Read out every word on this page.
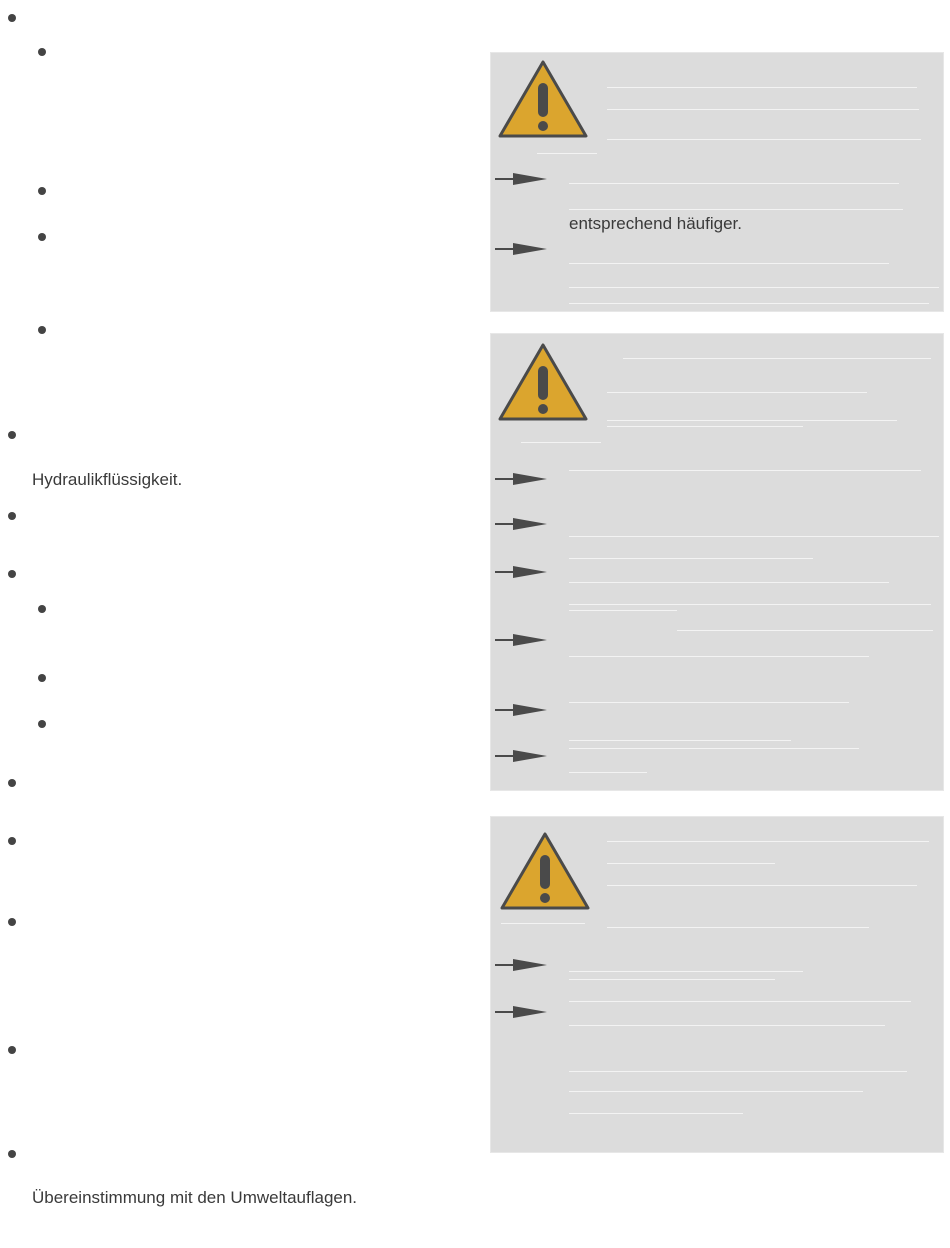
Hydraulikflüssigkeit.
Übereinstimmung mit den Umweltauflagen.
entsprechend häufiger.
